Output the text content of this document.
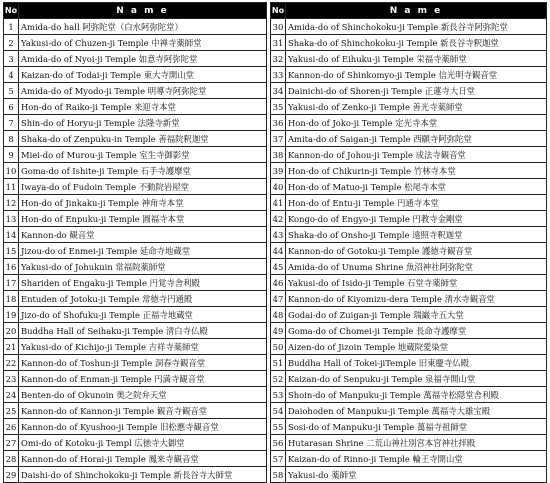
No	N a m e
1	Amida-do hall 阿弥陀堂（白水阿弥陀堂）
2	Yakusi-do of Chuzen-ji Temple 中禅寺薬師堂
3	Amida-do of Nyoi-ji Temple 如意寺阿弥陀堂
4	Kaizan-do of Todai-ji Temple 東大寺開山堂
5	Amida-do of Myodo-ji Temple 明導寺阿弥陀堂
6	Hon-do of Raiko-ji Temple 来迎寺本堂
7	Shin-do of Horyu-ji Temple 法隆寺新堂
8	Shaka-do of Zenpuku-in Temple 善福院釈迦堂
9	Miei-do of Murou-ji Temple 室生寺御影堂
10	Goma-do of Ishite-ji Temple 石手寺護摩堂
11	Iwaya-do of Fudoin Temple 不動院岩屋堂
12	Hon-do of Jinkaku-ji Temple 神角寺本堂
13	Hon-do of Enpuku-ji Temple 圓福寺本堂
14	Kannon-do 観音堂
15	Jizou-do of Enmei-ji Temple 延命寺地蔵堂
16	Yakusi-do of Johukuin 常福院薬師堂
17	Shariden of Engaku-ji Temple 円覚寺舎利殿
18	Entuden of Jotoku-ji Temple 常徳寺円通殿
19	Jizo-do of Shofuku-ji Temple 正福寺地蔵堂
20	Buddha Hall of Seihaku-ji Temple 清白寺仏殿
21	Yakusi-do of Kichijo-ji Temple 吉祥寺薬師堂
22	Kannon-do of Toshun-ji Temple 洞春寺観音堂
23	Kannon-do of Enman-ji Temple 円満寺観音堂
24	Benten-do of Okunoin 奥之院弁天堂
25	Kannon-do of Kannon-ji Temple 観音寺観音堂
26	Kannon-do of Kyushoo-ji Temple 旧松應寺観音堂
27	Omi-do of Kotoku-ji Templ 広徳寺大御堂
28	Kannon-do of Horai-ji Temple 鳳来寺観音堂
29	Daishi-do of Shinchokoku-ji Temple 新長谷寺大師堂
No	N a m e
30	Amida-do of Shinchokoku-ji Temple 新長谷寺阿弥陀堂
31	Shaka-do of Shinchokoku-ji Temple 新長谷寺釈迦堂
32	Yakusi-do of Eihuku-ji Temple 栄福寺薬師堂
33	Kannon-do of Shinkomyo-ji Temple 信光明寺観音堂
34	Dainichi-do of Shoren-ji Temple 正蓮寺大日堂
35	Yakusi-do of Zenko-ji Temple 善光寺薬師堂
36	Hon-do of Joko-ji Temple 定光寺本堂
37	Amita-do of Saigan-ji Temple 西願寺阿弥陀堂
38	Kannon-do of Johou-ji Temple 成法寺観音堂
39	Hon-do of Chikurin-ji Temple 竹林寺本堂
40	Hon-do of Matuo-ji Temple 松尾寺本堂
41	Hon-do of Entu-ji Temple 円通寺本堂
42	Kongo-do of Engyo-ji Temple 円教寺金剛堂
43	Shaka-do of Onsho-ji Temple 遠照寺釈迦堂
44	Kannon-do of Gotoku-ji Temple 護徳寺観音堂
45	Amida-do of Unuma Shrine 魚沼神社阿弥陀堂
46	Yakusi-do of Isido-ji Temple 石堂寺薬師堂
47	Kannon-do of Kiyomizu-dera Temple 清水寺観音堂
48	Godai-do of Zuigan-ji Temple 瑞巌寺五大堂
49	Goma-do of Chomei-ji Temple 長命寺護摩堂
50	Aizen-do of Jizoin Temple 地蔵院愛染堂
51	Buddha Hall of Tokei-jiTemple 旧東慶寺仏殿
52	Kaizan-do of Senpuku-ji Temple 泉福寺開山堂
53	Shoin-do of Manpuku-ji Temple 萬福寺松隠堂舎利殿
54	Daiohoden of Manpuku-ji Temple 萬福寺大雄宝殿
55	Sosi-do of Manpuku-ji Temple 萬福寺祖師堂
56	Hutarasan Shrine 二荒山神社別宮本宮神社拝殿
57	Kaizan-do of Rinno-ji Temple 輪王寺開山堂
58	Yakusi-do 薬師堂
